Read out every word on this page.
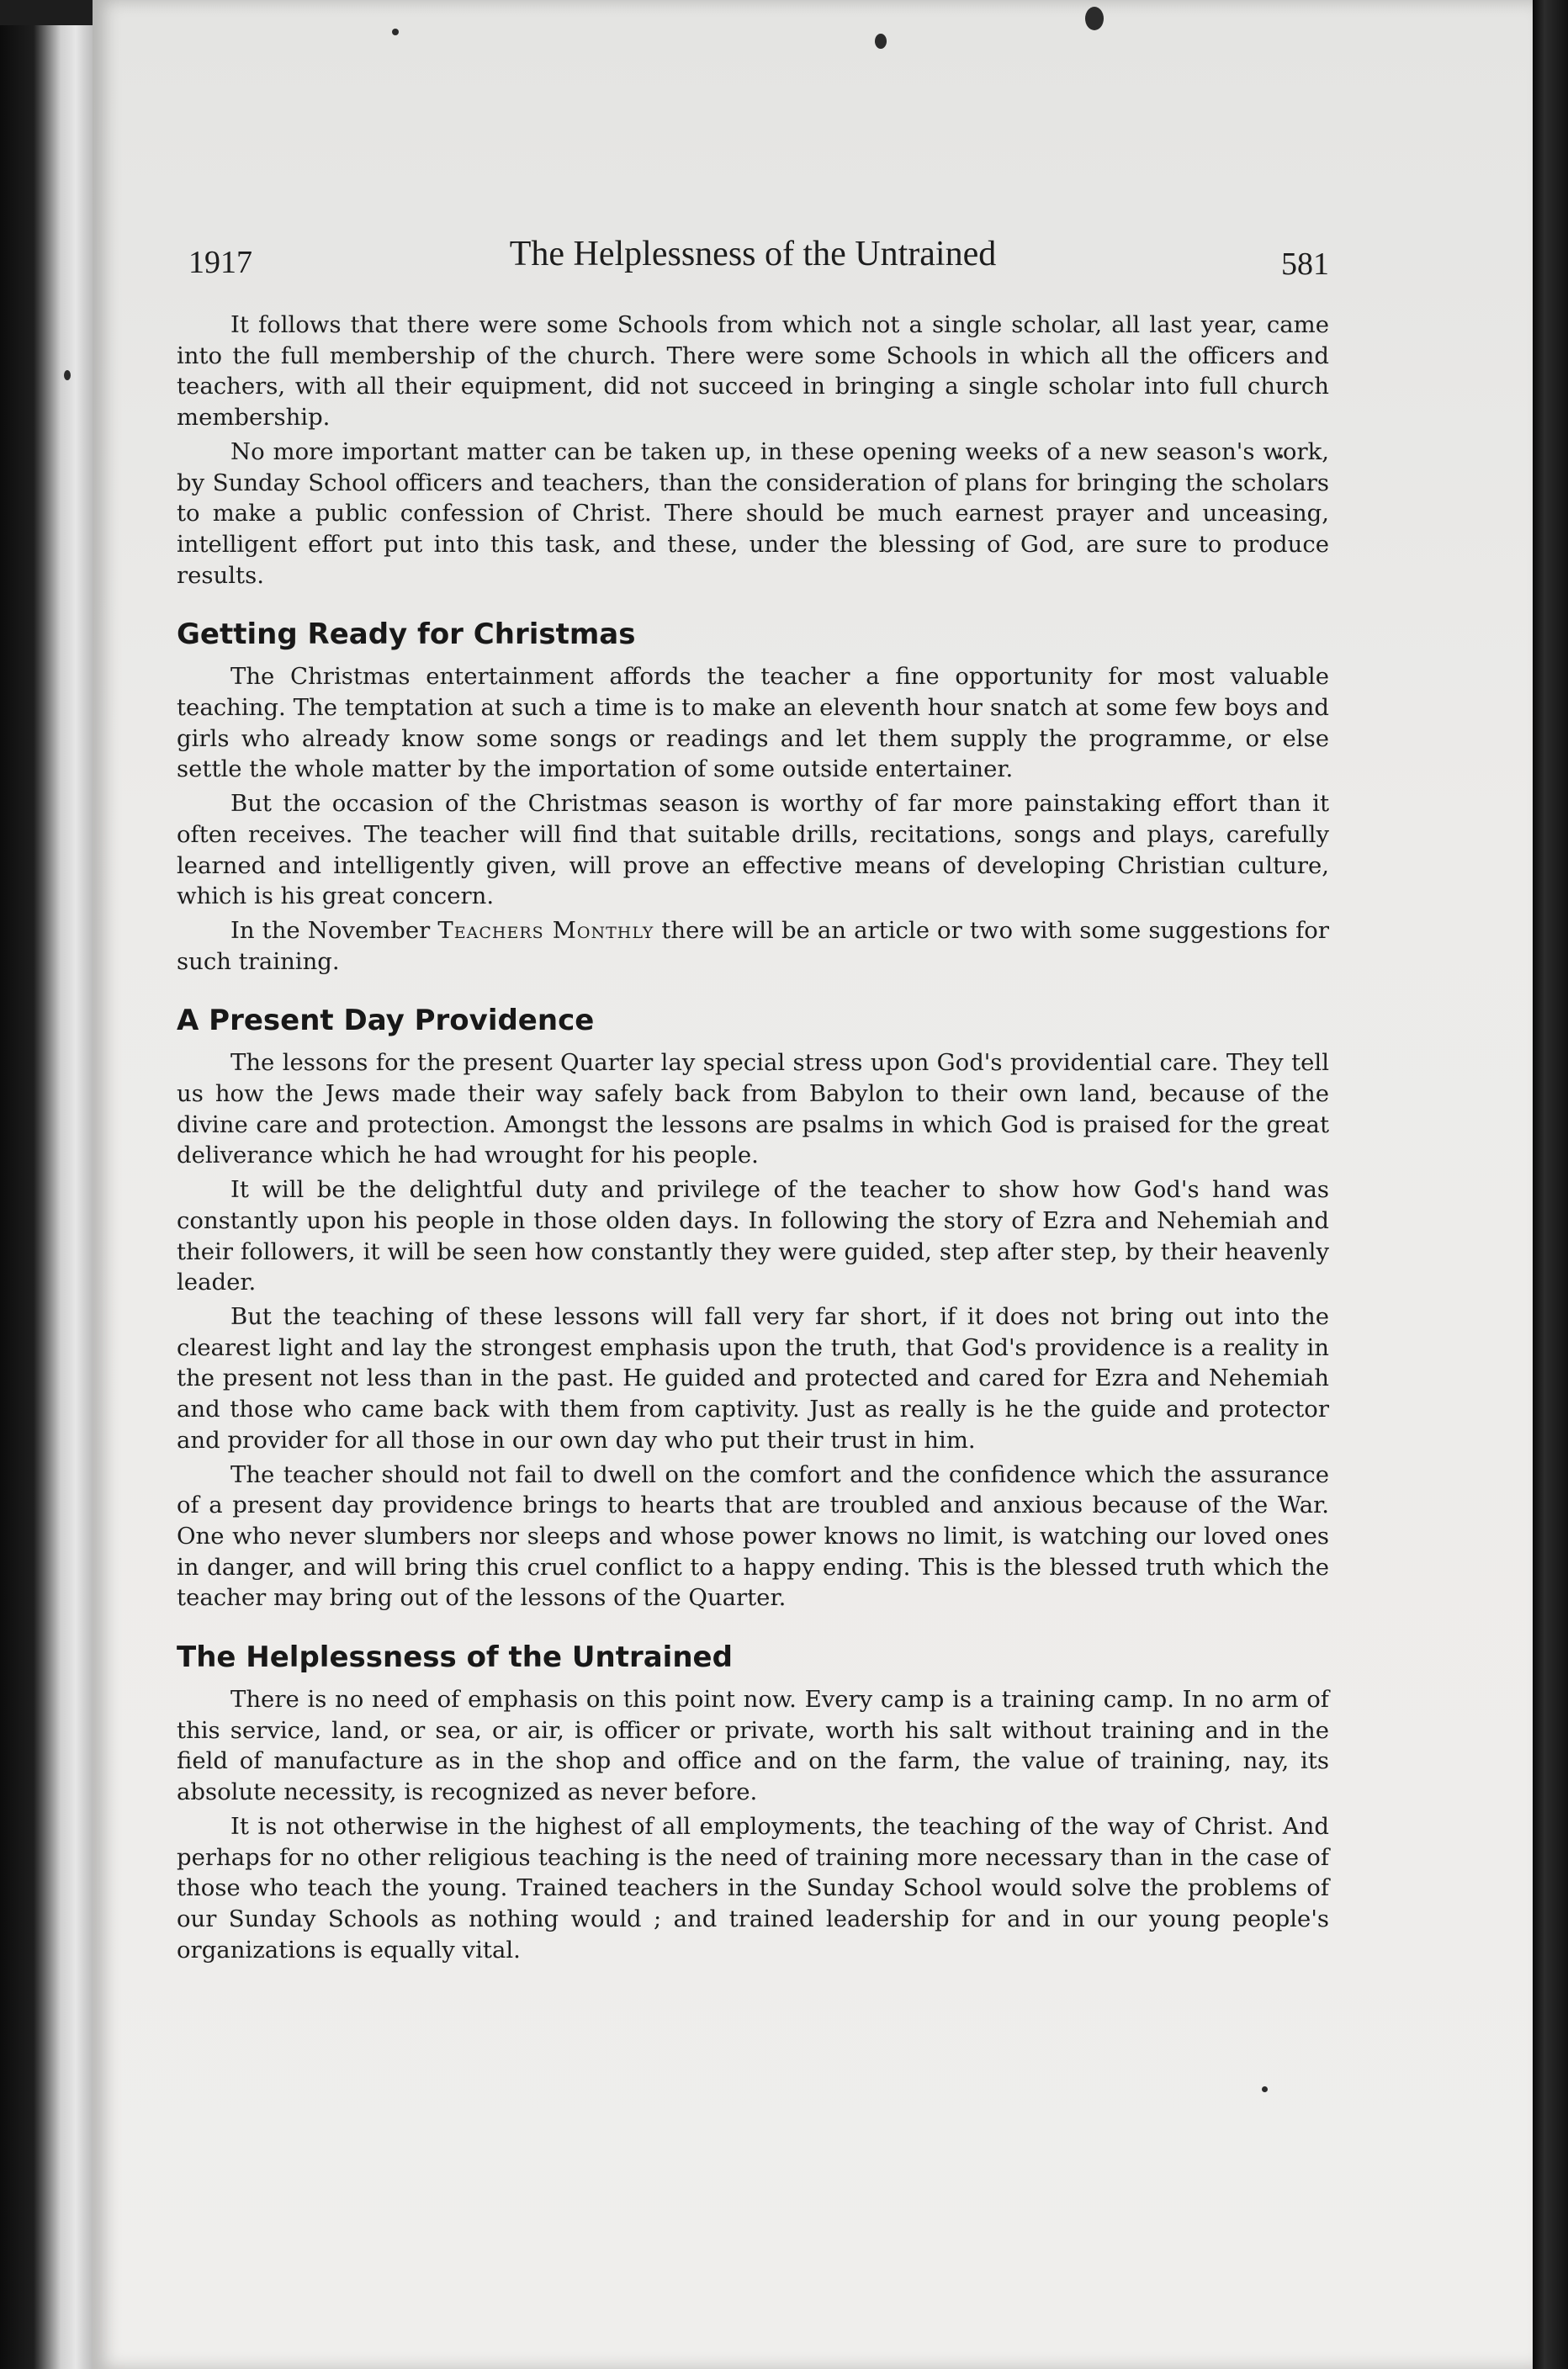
1917	The Helplessness of the Untrained	581

It follows that there were some Schools from which not a single scholar, all last year, came into the full membership of the church. There were some Schools in which all the officers and teachers, with all their equipment, did not succeed in bringing a single scholar into full church membership.

No more important matter can be taken up, in these opening weeks of a new season's work, by Sunday School officers and teachers, than the consideration of plans for bringing the scholars to make a public confession of Christ. There should be much earnest prayer and unceasing, intelligent effort put into this task, and these, under the blessing of God, are sure to produce results.

Getting Ready for Christmas

The Christmas entertainment affords the teacher a fine opportunity for most valuable teaching. The temptation at such a time is to make an eleventh hour snatch at some few boys and girls who already know some songs or readings and let them supply the programme, or else settle the whole matter by the importation of some outside entertainer.

But the occasion of the Christmas season is worthy of far more painstaking effort than it often receives. The teacher will find that suitable drills, recitations, songs and plays, carefully learned and intelligently given, will prove an effective means of developing Christian culture, which is his great concern.

In the November Teachers Monthly there will be an article or two with some suggestions for such training.

A Present Day Providence

The lessons for the present Quarter lay special stress upon God's providential care. They tell us how the Jews made their way safely back from Babylon to their own land, because of the divine care and protection. Amongst the lessons are psalms in which God is praised for the great deliverance which he had wrought for his people.

It will be the delightful duty and privilege of the teacher to show how God's hand was constantly upon his people in those olden days. In following the story of Ezra and Nehemiah and their followers, it will be seen how constantly they were guided, step after step, by their heavenly leader.

But the teaching of these lessons will fall very far short, if it does not bring out into the clearest light and lay the strongest emphasis upon the truth, that God's providence is a reality in the present not less than in the past. He guided and protected and cared for Ezra and Nehemiah and those who came back with them from captivity. Just as really is he the guide and protector and provider for all those in our own day who put their trust in him.

The teacher should not fail to dwell on the comfort and the confidence which the assurance of a present day providence brings to hearts that are troubled and anxious because of the War. One who never slumbers nor sleeps and whose power knows no limit, is watching our loved ones in danger, and will bring this cruel conflict to a happy ending. This is the blessed truth which the teacher may bring out of the lessons of the Quarter.

The Helplessness of the Untrained

There is no need of emphasis on this point now. Every camp is a training camp. In no arm of this service, land, or sea, or air, is officer or private, worth his salt without training and in the field of manufacture as in the shop and office and on the farm, the value of training, nay, its absolute necessity, is recognized as never before.

It is not otherwise in the highest of all employments, the teaching of the way of Christ. And perhaps for no other religious teaching is the need of training more necessary than in the case of those who teach the young. Trained teachers in the Sunday School would solve the problems of our Sunday Schools as nothing would ; and trained leadership for and in our young people's organizations is equally vital.
